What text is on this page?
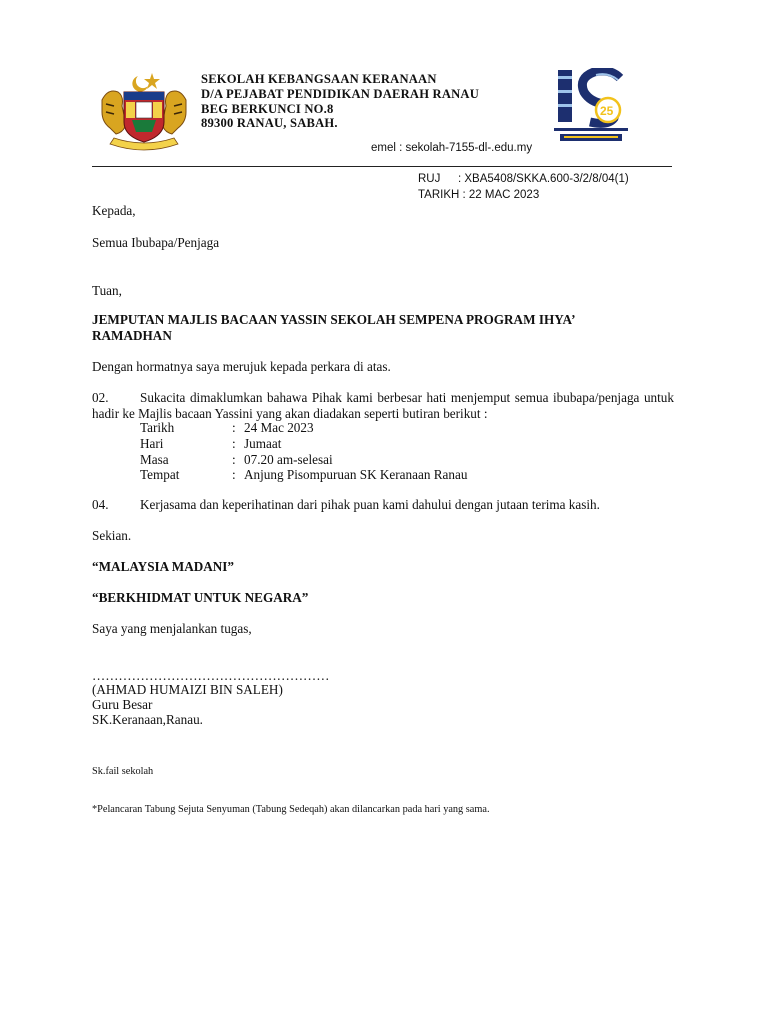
SEKOLAH KEBANGSAAN KERANAAN
D/A PEJABAT PENDIDIKAN DAERAH RANAU
BEG BERKUNCI NO.8
89300 RANAU, SABAH.
25
emel : sekolah-7155-dl-.edu.my
RUJ : XBA5408/SKKA.600-3/2/8/04(1)
TARIKH : 22 MAC 2023
Kepada,
Semua Ibubapa/Penjaga
Tuan,
JEMPUTAN MAJLIS BACAAN YASSIN SEKOLAH SEMPENA PROGRAM IHYA’ RAMADHAN
Dengan hormatnya saya merujuk kepada perkara di atas.
02. Sukacita dimaklumkan bahawa Pihak kami berbesar hati menjemput semua ibubapa/penjaga untuk hadir ke Majlis bacaan Yassini yang akan diadakan seperti butiran berikut :
Tarikh	: 24 Mac 2023
Hari	: Jumaat
Masa	: 07.20 am-selesai
Tempat	: Anjung Pisompuruan SK Keranaan Ranau
04. Kerjasama dan keperihatinan dari pihak puan kami dahului dengan jutaan terima kasih.
Sekian.
“MALAYSIA MADANI”
“BERKHIDMAT UNTUK NEGARA”
Saya yang menjalankan tugas,
………………………………………………
(AHMAD HUMAIZI BIN SALEH)
Guru Besar
SK.Keranaan,Ranau.
Sk.fail sekolah
*Pelancaran Tabung Sejuta Senyuman (Tabung Sedeqah) akan dilancarkan pada hari yang sama.
